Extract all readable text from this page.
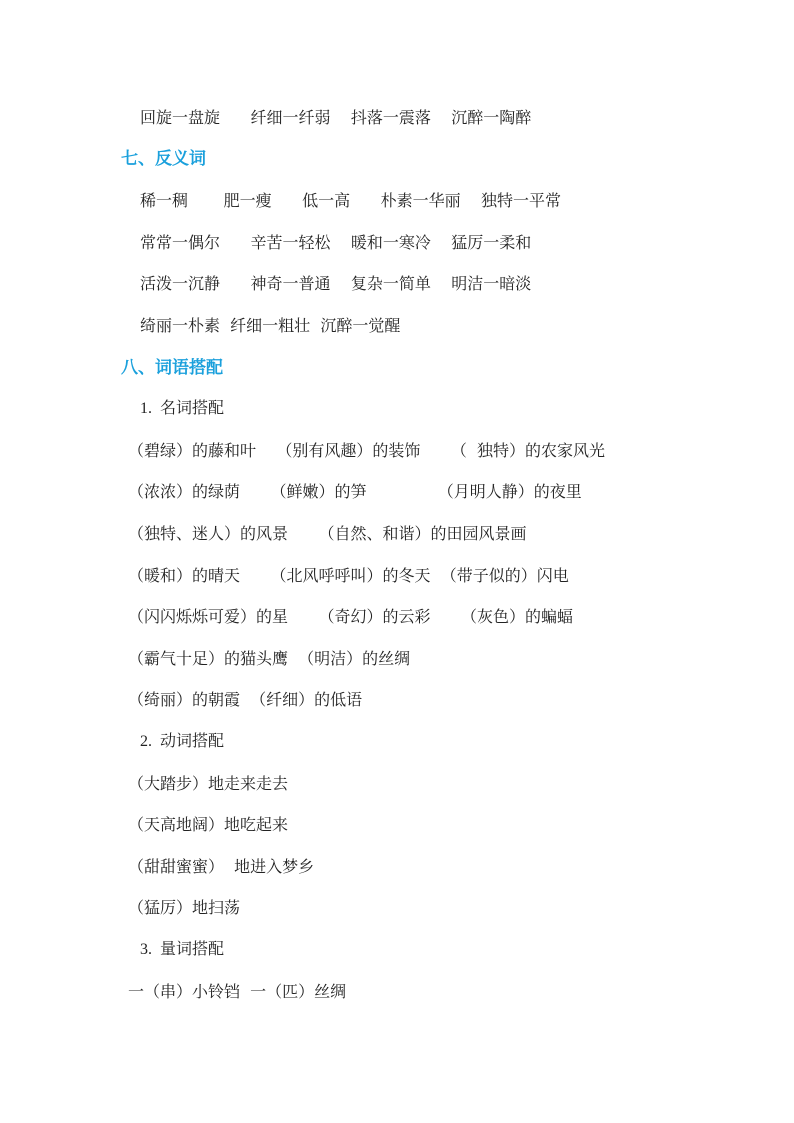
回旋一盘旋      纤细一纤弱    抖落一震落    沉醉一陶醉
七、反义词
稀一稠       肥一瘦      低一高      朴素一华丽    独特一平常
常常一偶尔      辛苦一轻松    暖和一寒冷    猛厉一柔和
活泼一沉静      神奇一普通    复杂一简单    明洁一暗淡
绮丽一朴素  纤细一粗壮  沉醉一觉醒
八、词语搭配
1.  名词搭配
（碧绿）的藤和叶    （别有风趣）的装饰      （  独特）的农家风光
（浓浓）的绿荫      （鲜嫩）的笋              （月明人静）的夜里
（独特、迷人）的风景      （自然、和谐）的田园风景画
（暖和）的晴天      （北风呼呼叫）的冬天  （带子似的）闪电
（闪闪烁烁可爱）的星      （奇幻）的云彩      （灰色）的蝙蝠
（霸气十足）的猫头鹰  （明洁）的丝绸
（绮丽）的朝霞  （纤细）的低语
2.  动词搭配
（大踏步）地走来走去
（天高地阔）地吃起来
（甜甜蜜蜜）  地进入梦乡
（猛厉）地扫荡
3.  量词搭配
一（串）小铃铛  一（匹）丝绸
